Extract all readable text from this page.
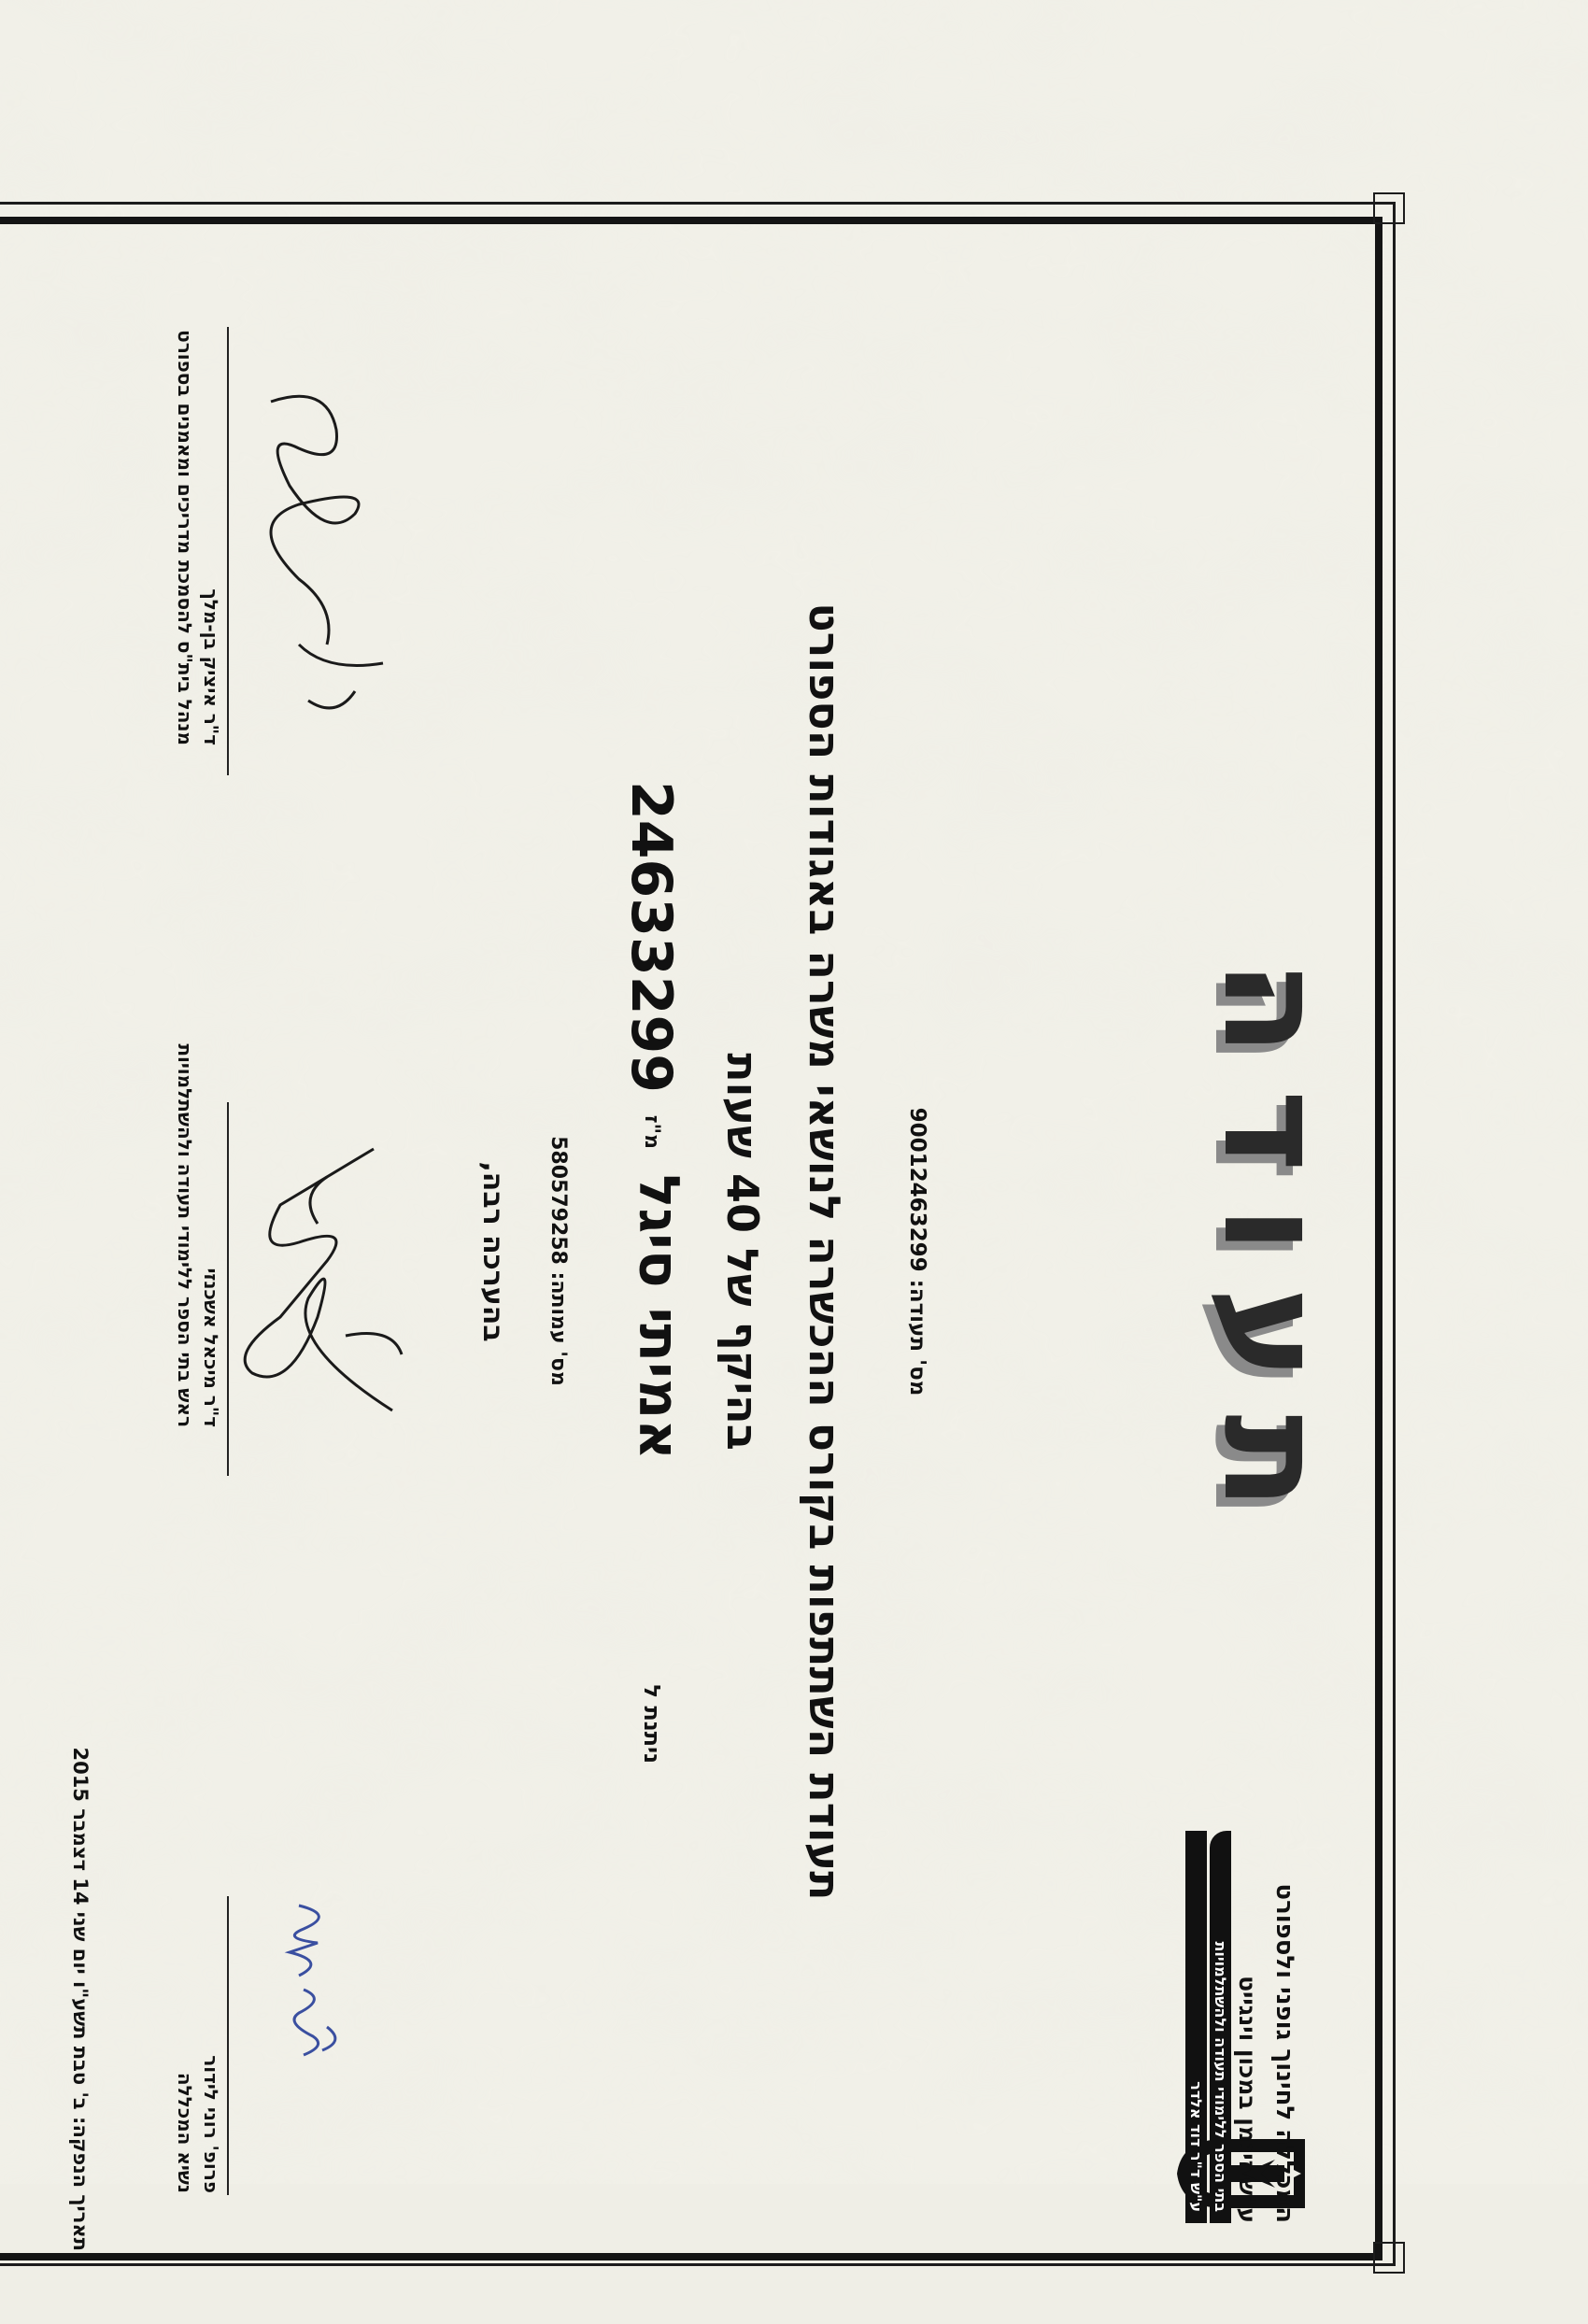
המכללה לחינוך גופני ולספורט
ע"ש זינמן במכון וינגייט
בתי הספר ללימודי תעודה ולהשתלמויות
ע"ש ד"ר דוד אלדר
תעודה
מס' תעודה: 90012463299
תעודת השתתפות בקורס ההכשרה לנושאי משרה באגודות הספורט
בהיקף של 40 שעות
ניתנת ל
אמיתי סיגל
מ"ז
24633299
מס' עמותה: 580579258
בהערכה רבה,
פרופ' רוני לידור
נשיא המכללה
ד"ר מיכאל אשכנזי
ראש בתי הספר ללימודי תעודה ולהשתלמויות
ד"ר איציק בן-מלך
מנהל בית"ס להסמכת מדריכים ומאמנים בספורט
תאריך הנפקה: ב' טבת תשע"ו יום שני 14 דצמבר 2015
